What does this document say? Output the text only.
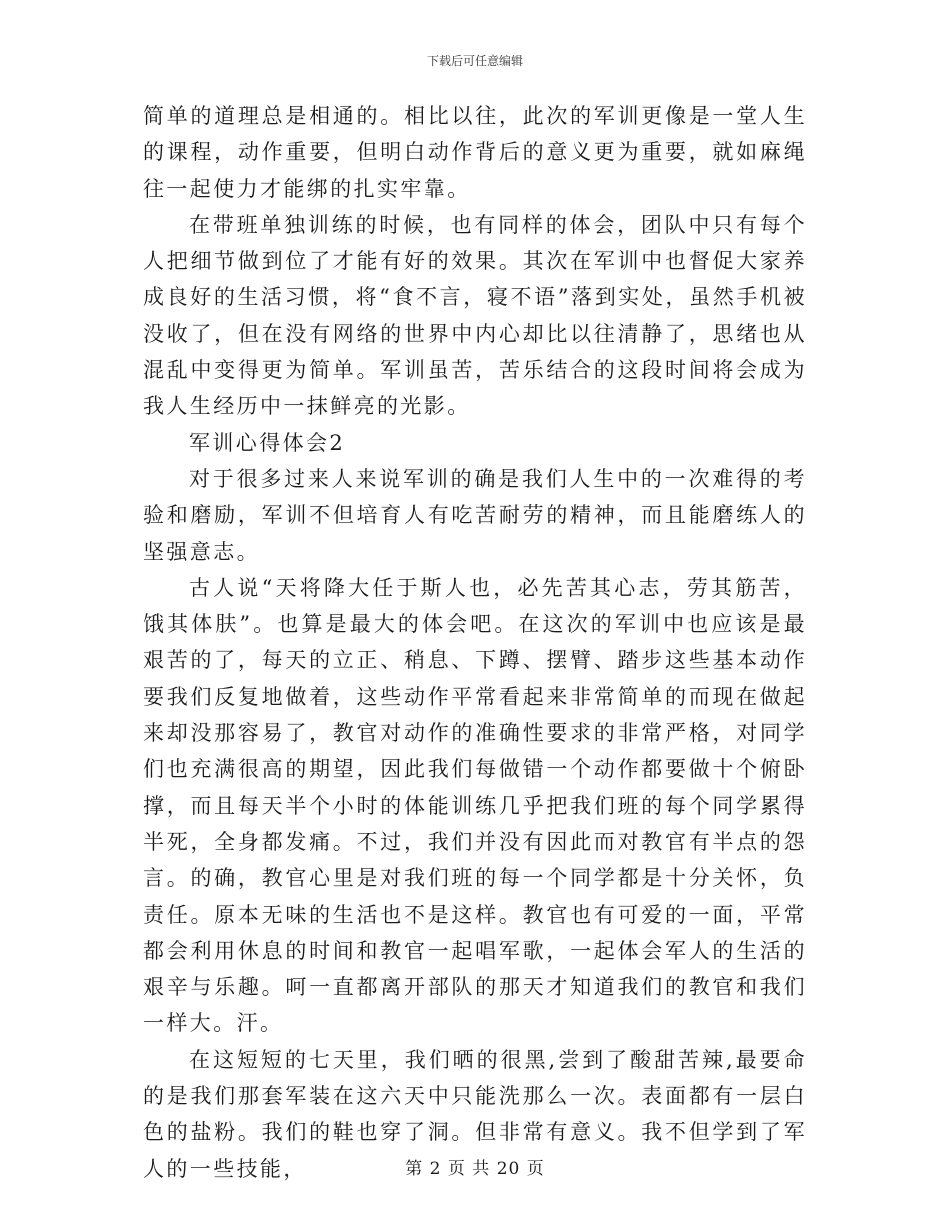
下载后可任意编辑

简单的道理总是相通的。相比以往，此次的军训更像是一堂人生的课程，动作重要，但明白动作背后的意义更为重要，就如麻绳往一起使力才能绑的扎实牢靠。

在带班单独训练的时候，也有同样的体会，团队中只有每个人把细节做到位了才能有好的效果。其次在军训中也督促大家养成良好的生活习惯，将“食不言，寝不语”落到实处，虽然手机被没收了，但在没有网络的世界中内心却比以往清静了，思绪也从混乱中变得更为简单。军训虽苦，苦乐结合的这段时间将会成为我人生经历中一抹鲜亮的光影。

军训心得体会2

对于很多过来人来说军训的确是我们人生中的一次难得的考验和磨励，军训不但培育人有吃苦耐劳的精神，而且能磨练人的坚强意志。

古人说“天将降大任于斯人也，必先苦其心志，劳其筋苦，饿其体肤”。也算是最大的体会吧。在这次的军训中也应该是最艰苦的了，每天的立正、稍息、下蹲、摆臂、踏步这些基本动作要我们反复地做着，这些动作平常看起来非常简单的而现在做起来却没那容易了，教官对动作的准确性要求的非常严格，对同学们也充满很高的期望，因此我们每做错一个动作都要做十个俯卧撑，而且每天半个小时的体能训练几乎把我们班的每个同学累得半死，全身都发痛。不过，我们并没有因此而对教官有半点的怨言。的确，教官心里是对我们班的每一个同学都是十分关怀，负责任。原本无味的生活也不是这样。教官也有可爱的一面，平常都会利用休息的时间和教官一起唱军歌，一起体会军人的生活的艰辛与乐趣。呵一直都离开部队的那天才知道我们的教官和我们一样大。汗。

在这短短的七天里，我们晒的很黑,尝到了酸甜苦辣,最要命的是我们那套军装在这六天中只能洗那么一次。表面都有一层白色的盐粉。我们的鞋也穿了洞。但非常有意义。我不但学到了军人的一些技能，	第 2 页 共 20 页
